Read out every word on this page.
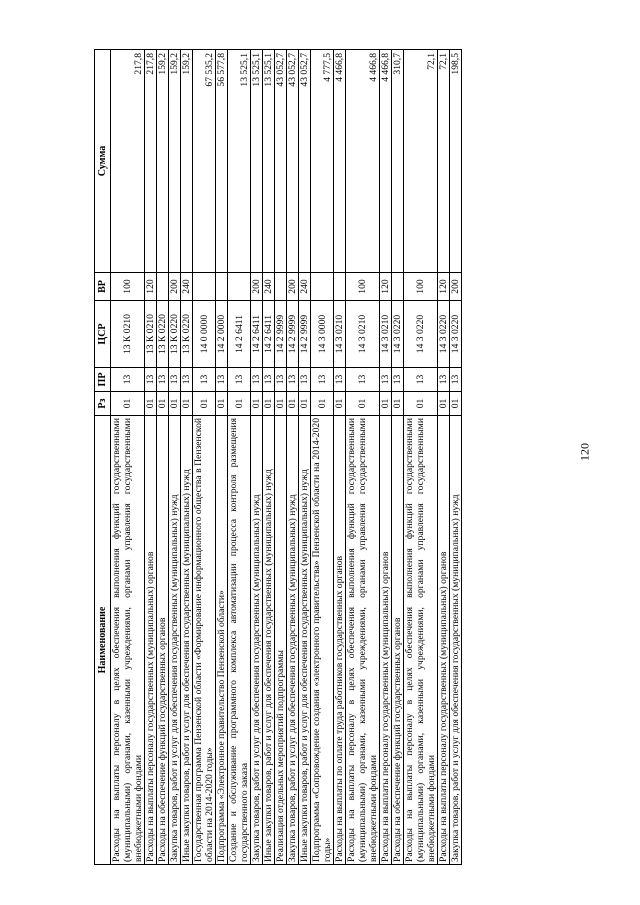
120
Наименование	Рз	ПР	ЦСР	ВР	Сумма
Расходы на выплаты персоналу в целях обеспечения выполнения функций государственными (муниципальными) органами, казенными учреждениями, органами управления государственными внебюджетными фондами	01	13	13 К 0210	100	217,8
Расходы на выплаты персоналу государственных (муниципальных) органов	01	13	13 К 0210	120	217,8
Расходы на обеспечение функций государственных органов	01	13	13 К 0220		159,2
Закупка товаров, работ и услуг для обеспечения государственных (муниципальных) нужд	01	13	13 К 0220	200	159,2
Иные закупки товаров, работ и услуг для обеспечения государственных (муниципальных) нужд	01	13	13 К 0220	240	159,2
Государственная программа Пензенской области «Формирование информационного общества в Пензенской области на 2014-2020 годы»	01	13	14 0 0000		67 535,2
Подпрограмма «Электронное правительство Пензенской области»	01	13	14 2 0000		56 577,8
Создание и обслуживание программного комплекса автоматизации процесса контроля размещения государственного заказа	01	13	14 2 6411		13 525,1
Закупка товаров, работ и услуг для обеспечения государственных (муниципальных) нужд	01	13	14 2 6411	200	13 525,1
Иные закупки товаров, работ и услуг для обеспечения государственных (муниципальных) нужд	01	13	14 2 6411	240	13 525,1
Реализация отдельных мероприятий подпрограммы	01	13	14 2 9999		43 052,7
Закупка товаров, работ и услуг для обеспечения государственных (муниципальных) нужд	01	13	14 2 9999	200	43 052,7
Иные закупки товаров, работ и услуг для обеспечения государственных (муниципальных) нужд	01	13	14 2 9999	240	43 052,7
Подпрограмма «Сопровождение создания «электронного правительства» Пензенской области на 2014-2020 годы»	01	13	14 3 0000		4 777,5
Расходы на выплаты по оплате труда работников государственных органов	01	13	14 3 0210		4 466,8
Расходы на выплаты персоналу в целях обеспечения выполнения функций государственными (муниципальными) органами, казенными учреждениями, органами управления государственными внебюджетными фондами	01	13	14 3 0210	100	4 466,8
Расходы на выплаты персоналу государственных (муниципальных) органов	01	13	14 3 0210	120	4 466,8
Расходы на обеспечение функций государственных органов	01	13	14 3 0220		310,7
Расходы на выплаты персоналу в целях обеспечения выполнения функций государственными (муниципальными) органами, казенными учреждениями, органами управления государственными внебюджетными фондами	01	13	14 3 0220	100	72,1
Расходы на выплаты персоналу государственных (муниципальных) органов	01	13	14 3 0220	120	72,1
Закупка товаров, работ и услуг для обеспечения государственных (муниципальных) нужд	01	13	14 3 0220	200	198,5
